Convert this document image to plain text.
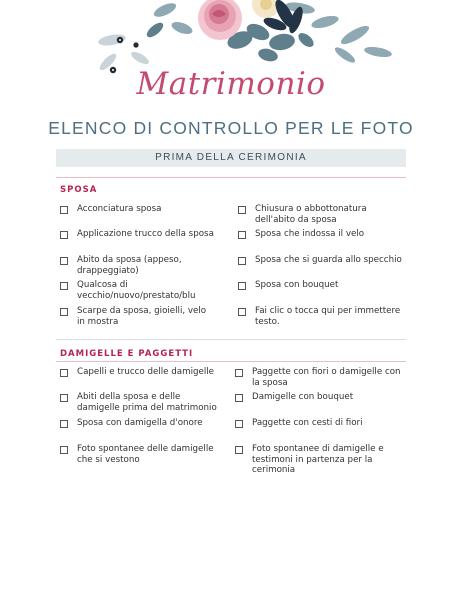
Matrimonio
ELENCO DI CONTROLLO PER LE FOTO
PRIMA DELLA CERIMONIA
SPOSA
Acconciatura sposa
Applicazione trucco della sposa
Abito da sposa (appeso, drappeggiato)
Qualcosa di vecchio/nuovo/prestato/blu
Scarpe da sposa, gioielli, velo in mostra
Chiusura o abbottonatura dell'abito da sposa
Sposa che indossa il velo
Sposa che si guarda allo specchio
Sposa con bouquet
Fai clic o tocca qui per immettere testo.
DAMIGELLE E PAGGETTI
Capelli e trucco delle damigelle
Abiti della sposa e delle damigelle prima del matrimonio
Sposa con damigella d'onore
Foto spontanee delle damigelle che si vestono
Paggette con fiori o damigelle con la sposa
Damigelle con bouquet
Paggette con cesti di fiori
Foto spontanee di damigelle e testimoni in partenza per la cerimonia
